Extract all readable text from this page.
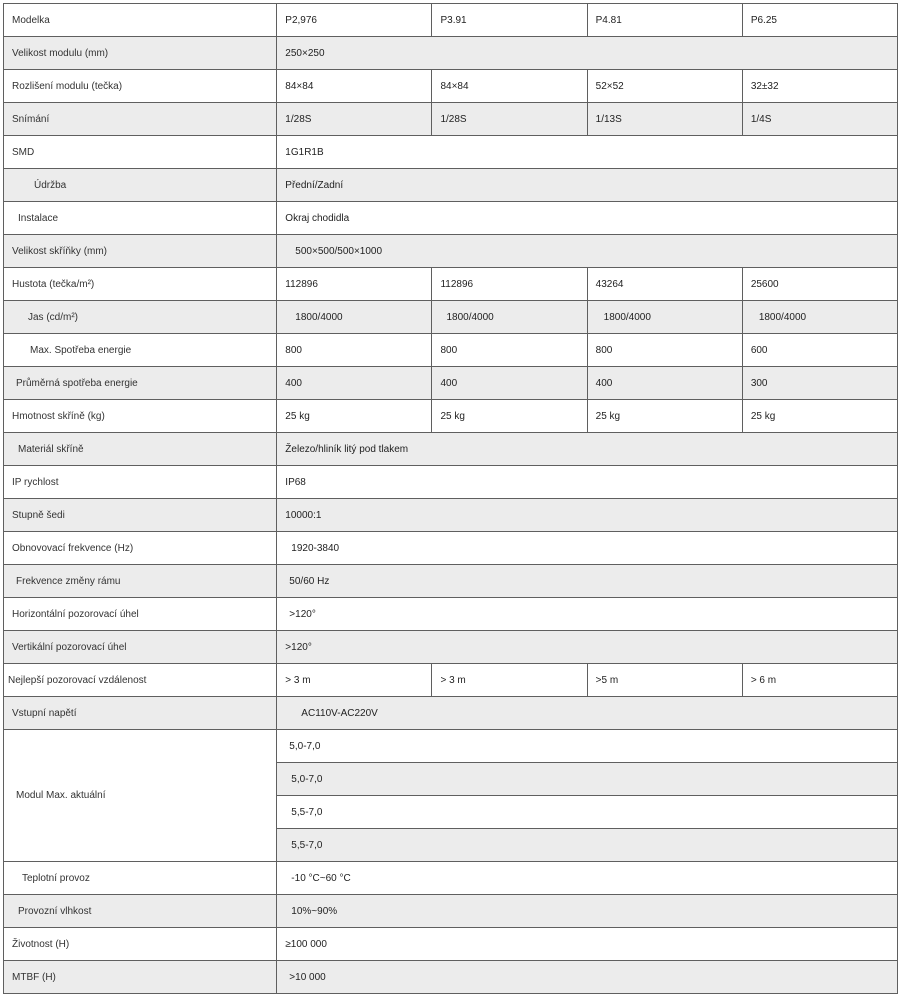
Modelka	P2,976	P3.91	P4.81	P6.25
Velikost modulu (mm)	250×250			
Rozlišení modulu (tečka)	84×84	84×84	52×52	32±32
Snímání	1/28S	1/28S	1/13S	1/4S
SMD	1G1R1B			
Údržba	Přední/Zadní			
Instalace	Okraj chodidla			
Velikost skříňky (mm)	500×500/500×1000			
Hustota (tečka/m²)	112896	112896	43264	25600
Jas (cd/m²)	1800/4000	1800/4000	1800/4000	1800/4000
Max. Spotřeba energie	800	800	800	600
Průměrná spotřeba energie	400	400	400	300
Hmotnost skříně (kg)	25 kg	25 kg	25 kg	25 kg
Materiál skříně	Železo/hliník litý pod tlakem			
IP rychlost	IP68			
Stupně šedi	10000:1			
Obnovovací frekvence (Hz)	1920-3840			
Frekvence změny rámu	50/60 Hz			
Horizontální pozorovací úhel	>120°			
Vertikální pozorovací úhel	>120°			
Nejlepší pozorovací vzdálenost	> 3 m	> 3 m	>5 m	> 6 m
Vstupní napětí	AC110V-AC220V			
Modul Max. aktuální	5,0-7,0			
	5,0-7,0			
	5,5-7,0			
	5,5-7,0			
Teplotní provoz	-10 °C~60 °C			
Provozní vlhkost	10%~90%			
Životnost (H)	≥100 000			
MTBF (H)	>10 000			
